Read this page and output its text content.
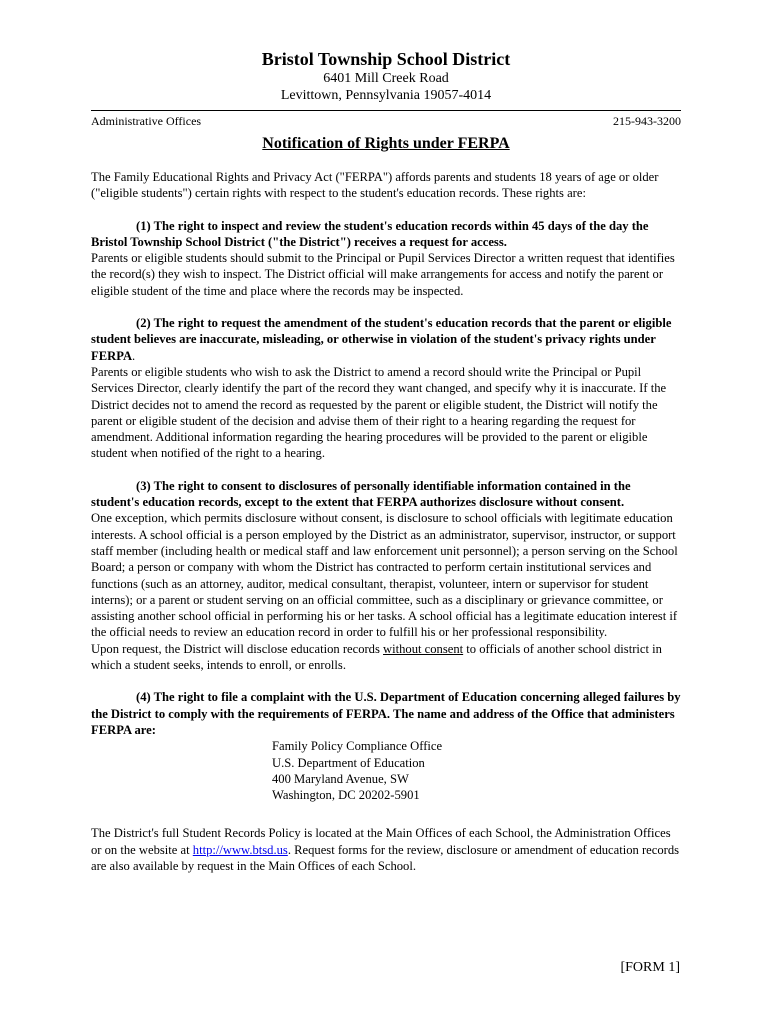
Bristol Township School District
6401 Mill Creek Road
Levittown, Pennsylvania 19057-4014
Administrative Offices	215-943-3200
Notification of Rights under FERPA

The Family Educational Rights and Privacy Act ("FERPA") affords parents and students 18 years of age or older ("eligible students") certain rights with respect to the student's education records. These rights are:

(1) The right to inspect and review the student's education records within 45 days of the day the Bristol Township School District ("the District") receives a request for access.

Parents or eligible students should submit to the Principal or Pupil Services Director a written request that identifies the record(s) they wish to inspect. The District official will make arrangements for access and notify the parent or eligible student of the time and place where the records may be inspected.

(2) The right to request the amendment of the student's education records that the parent or eligible student believes are inaccurate, misleading, or otherwise in violation of the student's privacy rights under FERPA.

Parents or eligible students who wish to ask the District to amend a record should write the Principal or Pupil Services Director, clearly identify the part of the record they want changed, and specify why it is inaccurate. If the District decides not to amend the record as requested by the parent or eligible student, the District will notify the parent or eligible student of the decision and advise them of their right to a hearing regarding the request for amendment. Additional information regarding the hearing procedures will be provided to the parent or eligible student when notified of the right to a hearing.

(3) The right to consent to disclosures of personally identifiable information contained in the student's education records, except to the extent that FERPA authorizes disclosure without consent.

One exception, which permits disclosure without consent, is disclosure to school officials with legitimate education interests. A school official is a person employed by the District as an administrator, supervisor, instructor, or support staff member (including health or medical staff and law enforcement unit personnel); a person serving on the School Board; a person or company with whom the District has contracted to perform certain institutional services and functions (such as an attorney, auditor, medical consultant, therapist, volunteer, intern or supervisor for student interns); or a parent or student serving on an official committee, such as a disciplinary or grievance committee, or assisting another school official in performing his or her tasks. A school official has a legitimate education interest if the official needs to review an education record in order to fulfill his or her professional responsibility.

Upon request, the District will disclose education records without consent to officials of another school district in which a student seeks, intends to enroll, or enrolls.

(4) The right to file a complaint with the U.S. Department of Education concerning alleged failures by the District to comply with the requirements of FERPA. The name and address of the Office that administers FERPA are:

Family Policy Compliance Office
U.S. Department of Education
400 Maryland Avenue, SW
Washington, DC 20202-5901

The District's full Student Records Policy is located at the Main Offices of each School, the Administration Offices or on the website at http://www.btsd.us. Request forms for the review, disclosure or amendment of education records are also available by request in the Main Offices of each School.

[FORM 1]
